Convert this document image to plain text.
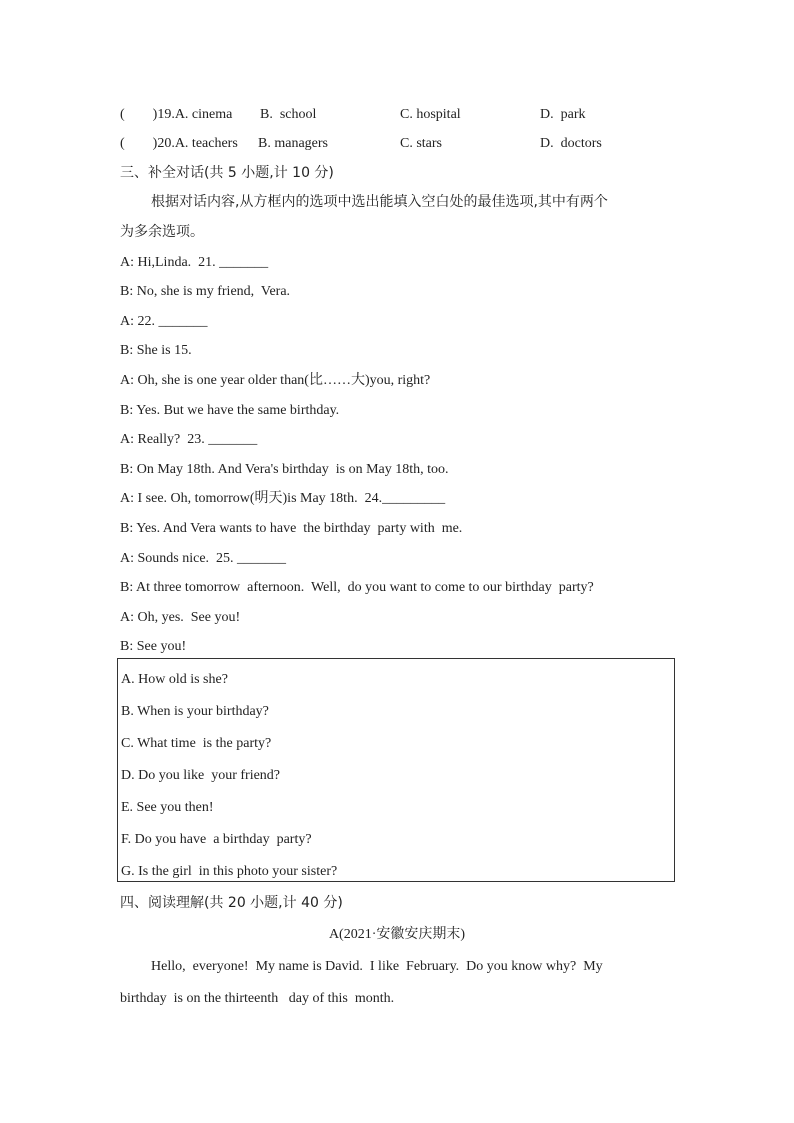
(        )19.A. cinema B.  school	C. hospital	D.  park
(        )20.A. teachers B. managers	C. stars	D.  doctors
三、补全对话(共 5 小题,计 10 分)
根据对话内容,从方框内的选项中选出能填入空白处的最佳选项,其中有两个
为多余选项。
A: Hi,Linda.  21. _______
B: No, she is my friend,  Vera.
A: 22. _______
B: She is 15.
A: Oh, she is one year older than(比……大)you, right?
B: Yes. But we have the same birthday.
A: Really?  23. _______
B: On May 18th. And Vera's birthday  is on May 18th, too.
A: I see. Oh, tomorrow(明天)is May 18th.  24._________
B: Yes. And Vera wants to have  the birthday  party with  me.
A: Sounds nice.  25. _______
B: At three tomorrow  afternoon.  Well,  do you want to come to our birthday  party?
A: Oh, yes.  See you!
B: See you!
A. How old is she?
B. When is your birthday?
C. What time  is the party?
D. Do you like  your friend?
E. See you then!
F. Do you have  a birthday  party?
G. Is the girl  in this photo your sister?
四、阅读理解(共 20 小题,计 40 分)
A(2021·安徽安庆期末)
Hello,  everyone!  My name is David.  I like  February.  Do you know why?  My
birthday  is on the thirteenth   day of this  month.
